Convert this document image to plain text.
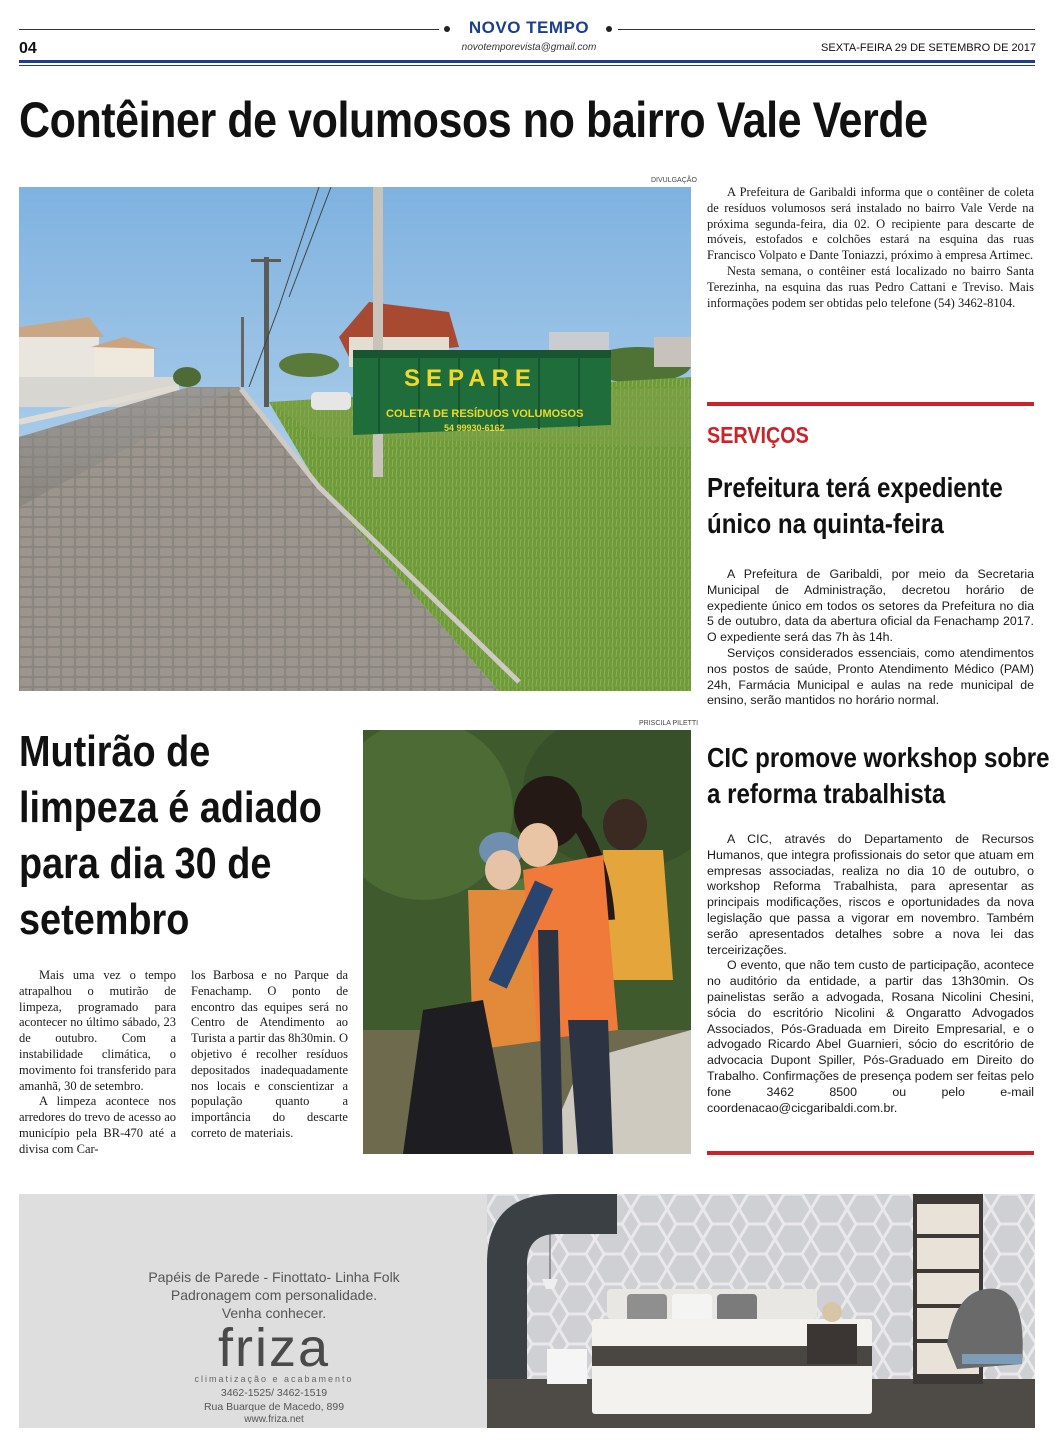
NOVO TEMPO
04	novotemporevista@gmail.com	SEXTA-FEIRA 29 DE SETEMBRO DE 2017
Contêiner de volumosos no bairro Vale Verde
DIVULGAÇÃO
SEPARE
COLETA DE RESÍDUOS VOLUMOSOS
54 99930-6162

A Prefeitura de Garibaldi informa que o contêiner de coleta de resíduos volumosos será instalado no bairro Vale Verde na próxima segunda-feira, dia 02. O recipiente para descarte de móveis, estofados e colchões estará na esquina das ruas Francisco Volpato e Dante Toniazzi, próximo à empresa Artimec.

Nesta semana, o contêiner está localizado no bairro Santa Terezinha, na esquina das ruas Pedro Cattani e Treviso. Mais informações podem ser obtidas pelo telefone (54) 3462-8104.

SERVIÇOS
Prefeitura terá expediente
único na quinta-feira

A Prefeitura de Garibaldi, por meio da Secretaria Municipal de Administração, decretou horário de expediente único em todos os setores da Prefeitura no dia 5 de outubro, data da abertura oficial da Fenachamp 2017. O expediente será das 7h às 14h.

Serviços considerados essenciais, como atendimentos nos postos de saúde, Pronto Atendimento Médico (PAM) 24h, Farmácia Municipal e aulas na rede municipal de ensino, serão mantidos no horário normal.

CIC promove workshop sobre
a reforma trabalhista

A CIC, através do Departamento de Recursos Humanos, que integra profissionais do setor que atuam em empresas associadas, realiza no dia 10 de outubro, o workshop Reforma Trabalhista, para apresentar as principais modificações, riscos e oportunidades da nova legislação que passa a vigorar em novembro. Também serão apresentados detalhes sobre a nova lei das terceirizações.

O evento, que não tem custo de participação, acontece no auditório da entidade, a partir das 13h30min. Os painelistas serão a advogada, Rosana Nicolini Chesini, sócia do escritório Nicolini & Ongaratto Advogados Associados, Pós-Graduada em Direito Empresarial, e o advogado Ricardo Abel Guarnieri, sócio do escritório de advocacia Dupont Spiller, Pós-Graduado em Direito do Trabalho. Confirmações de presença podem ser feitas pelo fone 3462 8500 ou pelo e-mail coordenacao@cicgaribaldi.com.br.

Mutirão de
limpeza é adiado
para dia 30 de
setembro
PRISCILA PILETTI

Mais uma vez o tempo atrapalhou o mutirão de limpeza, programado para acontecer no último sábado, 23 de outubro. Com a instabilidade climática, o movimento foi transferido para amanhã, 30 de setembro.

A limpeza acontece nos arredores do trevo de acesso ao município pela BR-470 até a divisa com Car-

los Barbosa e no Parque da Fenachamp. O ponto de encontro das equipes será no Centro de Atendimento ao Turista a partir das 8h30min. O objetivo é recolher resíduos depositados inadequadamente nos locais e conscientizar a população quanto a importância do descarte correto de materiais.

Papéis de Parede - Finottato- Linha Folk
Padronagem com personalidade.
Venha conhecer.
friza
climatização e acabamento
3462-1525/ 3462-1519
Rua Buarque de Macedo, 899
www.friza.net
